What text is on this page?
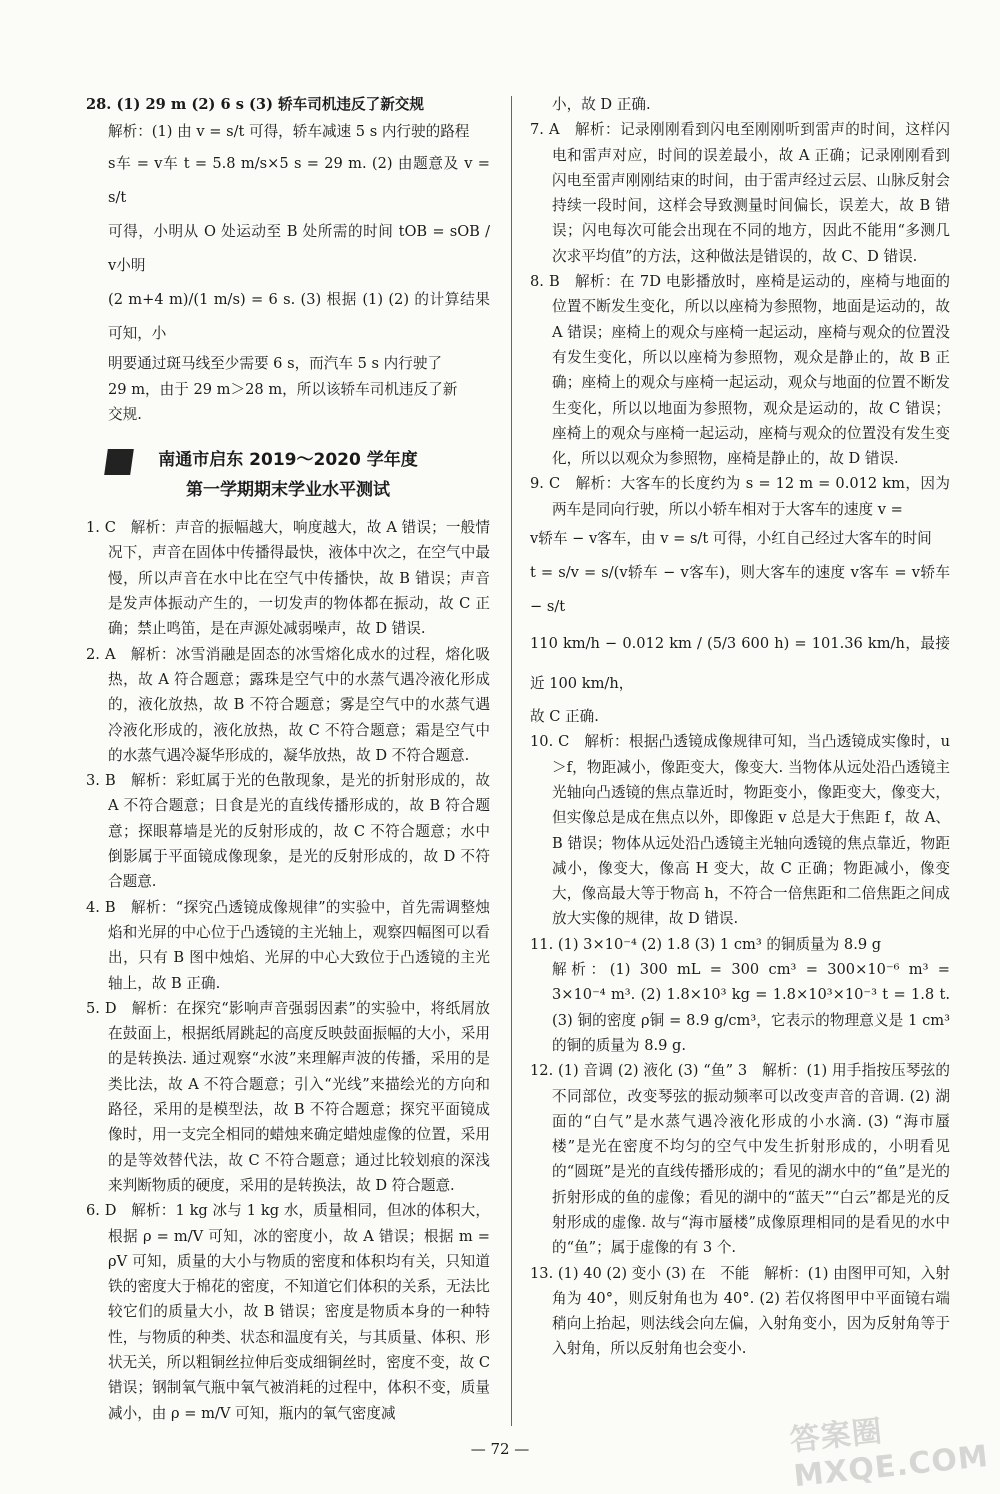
28. (1) 29 m (2) 6 s (3) 轿车司机违反了新交规

解析：(1) 由 v = s/t 可得，轿车减速 5 s 内行驶的路程

s车 = v车 t = 5.8 m/s×5 s = 29 m. (2) 由题意及 v = s/t

可得，小明从 O 处运动至 B 处所需的时间 tOB = sOB / v小明

(2 m+4 m)/(1 m/s) = 6 s. (3) 根据 (1) (2) 的计算结果可知，小

明要通过斑马线至少需要 6 s，而汽车 5 s 内行驶了

29 m，由于 29 m＞28 m，所以该轿车司机违反了新

交规.

南通市启东 2019～2020 学年度
第一学期期末学业水平测试

1. C　解析：声音的振幅越大，响度越大，故 A 错误；一般情况下，声音在固体中传播得最快，液体中次之，在空气中最慢，所以声音在水中比在空气中传播快，故 B 错误；声音是发声体振动产生的，一切发声的物体都在振动，故 C 正确；禁止鸣笛，是在声源处减弱噪声，故 D 错误.

2. A　解析：冰雪消融是固态的冰雪熔化成水的过程，熔化吸热，故 A 符合题意；露珠是空气中的水蒸气遇冷液化形成的，液化放热，故 B 不符合题意；雾是空气中的水蒸气遇冷液化形成的，液化放热，故 C 不符合题意；霜是空气中的水蒸气遇冷凝华形成的，凝华放热，故 D 不符合题意.

3. B　解析：彩虹属于光的色散现象，是光的折射形成的，故 A 不符合题意；日食是光的直线传播形成的，故 B 符合题意；探眼幕墙是光的反射形成的，故 C 不符合题意；水中倒影属于平面镜成像现象，是光的反射形成的，故 D 不符合题意.

4. B　解析：“探究凸透镜成像规律”的实验中，首先需调整烛焰和光屏的中心位于凸透镜的主光轴上，观察四幅图可以看出，只有 B 图中烛焰、光屏的中心大致位于凸透镜的主光轴上，故 B 正确.

5. D　解析：在探究“影响声音强弱因素”的实验中，将纸屑放在鼓面上，根据纸屑跳起的高度反映鼓面振幅的大小，采用的是转换法. 通过观察“水波”来理解声波的传播，采用的是类比法，故 A 不符合题意；引入“光线”来描绘光的方向和路径，采用的是模型法，故 B 不符合题意；探究平面镜成像时，用一支完全相同的蜡烛来确定蜡烛虚像的位置，采用的是等效替代法，故 C 不符合题意；通过比较划痕的深浅来判断物质的硬度，采用的是转换法，故 D 符合题意.

6. D　解析：1 kg 冰与 1 kg 水，质量相同，但冰的体积大，根据 ρ = m/V 可知，冰的密度小，故 A 错误；根据 m = ρV 可知，质量的大小与物质的密度和体积均有关，只知道铁的密度大于棉花的密度，不知道它们体积的关系，无法比较它们的质量大小，故 B 错误；密度是物质本身的一种特性，与物质的种类、状态和温度有关，与其质量、体积、形状无关，所以粗铜丝拉伸后变成细铜丝时，密度不变，故 C 错误；钢制氧气瓶中氧气被消耗的过程中，体积不变，质量减小，由 ρ = m/V 可知，瓶内的氧气密度减

小，故 D 正确.

7. A　解析：记录刚刚看到闪电至刚刚听到雷声的时间，这样闪电和雷声对应，时间的误差最小，故 A 正确；记录刚刚看到闪电至雷声刚刚结束的时间，由于雷声经过云层、山脉反射会持续一段时间，这样会导致测量时间偏长，误差大，故 B 错误；闪电每次可能会出现在不同的地方，因此不能用“多测几次求平均值”的方法，这种做法是错误的，故 C、D 错误.

8. B　解析：在 7D 电影播放时，座椅是运动的，座椅与地面的位置不断发生变化，所以以座椅为参照物，地面是运动的，故 A 错误；座椅上的观众与座椅一起运动，座椅与观众的位置没有发生变化，所以以座椅为参照物，观众是静止的，故 B 正确；座椅上的观众与座椅一起运动，观众与地面的位置不断发生变化，所以以地面为参照物，观众是运动的，故 C 错误；座椅上的观众与座椅一起运动，座椅与观众的位置没有发生变化，所以以观众为参照物，座椅是静止的，故 D 错误.

9. C　解析：大客车的长度约为 s = 12 m = 0.012 km，因为两车是同向行驶，所以小轿车相对于大客车的速度 v =

v轿车 − v客车，由 v = s/t 可得，小红自己经过大客车的时间

t = s/v = s/(v轿车 − v客车)，则大客车的速度 v客车 = v轿车 − s/t

110 km/h − 0.012 km / (5/3 600 h) = 101.36 km/h，最接近 100 km/h，

故 C 正确.

10. C　解析：根据凸透镜成像规律可知，当凸透镜成实像时，u＞f，物距减小，像距变大，像变大. 当物体从远处沿凸透镜主光轴向凸透镜的焦点靠近时，物距变小，像距变大，像变大，但实像总是成在焦点以外，即像距 v 总是大于焦距 f，故 A、B 错误；物体从远处沿凸透镜主光轴向透镜的焦点靠近，物距减小，像变大，像高 H 变大，故 C 正确；物距减小，像变大，像高最大等于物高 h，不符合一倍焦距和二倍焦距之间成放大实像的规律，故 D 错误.

11. (1) 3×10⁻⁴ (2) 1.8 (3) 1 cm³ 的铜质量为 8.9 g

解析：(1) 300 mL = 300 cm³ = 300×10⁻⁶ m³ = 3×10⁻⁴ m³. (2) 1.8×10³ kg = 1.8×10³×10⁻³ t = 1.8 t. (3) 铜的密度 ρ铜 = 8.9 g/cm³，它表示的物理意义是 1 cm³ 的铜的质量为 8.9 g.

12. (1) 音调 (2) 液化 (3) “鱼” 3　解析：(1) 用手指按压琴弦的不同部位，改变琴弦的振动频率可以改变声音的音调. (2) 湖面的“白气”是水蒸气遇冷液化形成的小水滴. (3) “海市蜃楼”是光在密度不均匀的空气中发生折射形成的，小明看见的“圆斑”是光的直线传播形成的；看见的湖水中的“鱼”是光的折射形成的鱼的虚像；看见的湖中的“蓝天”“白云”都是光的反射形成的虚像. 故与“海市蜃楼”成像原理相同的是看见的水中的“鱼”；属于虚像的有 3 个.

13. (1) 40 (2) 变小 (3) 在　不能　解析：(1) 由图甲可知，入射角为 40°，则反射角也为 40°. (2) 若仅将图甲中平面镜右端稍向上抬起，则法线会向左偏，入射角变小，因为反射角等于入射角，所以反射角也会变小.

— 72 —	答案圈 MXQE.COM
